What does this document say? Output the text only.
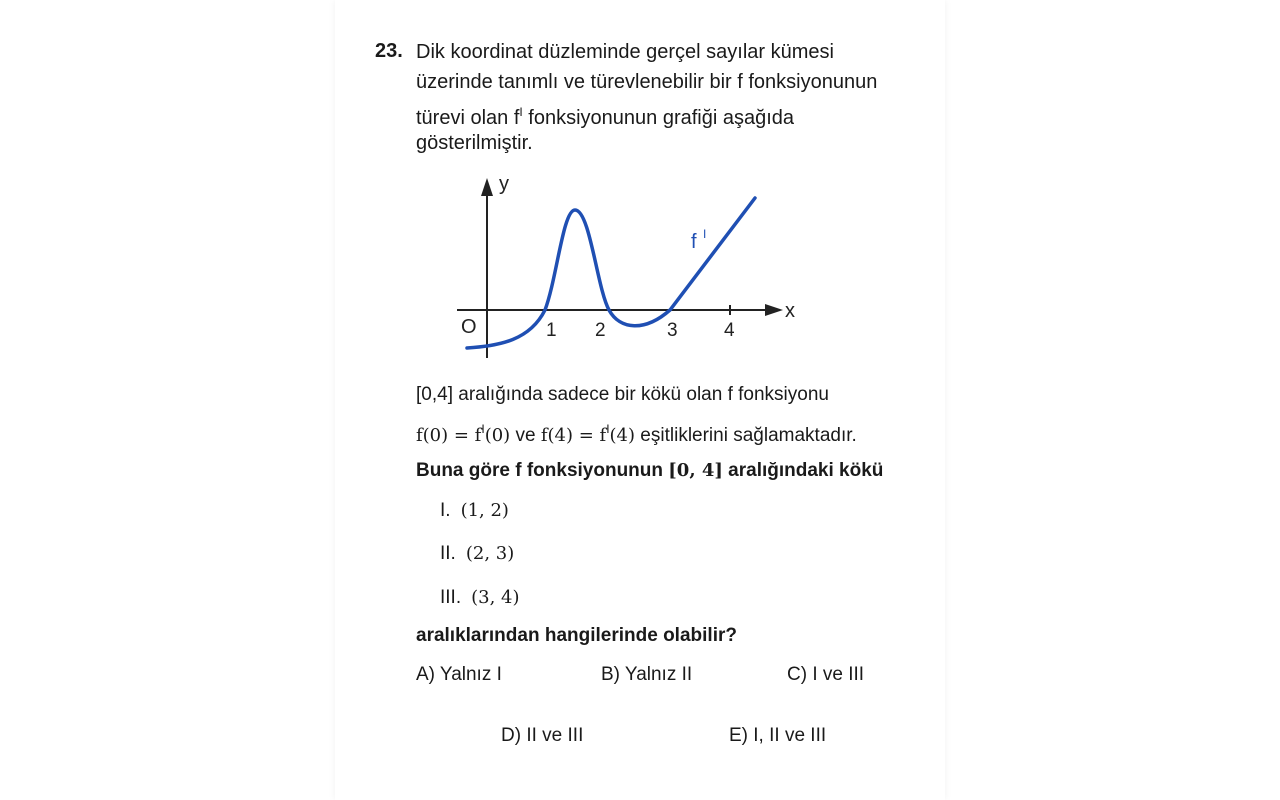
23. Dik koordinat düzleminde gerçel sayılar kümesi
üzerinde tanımlı ve türevlenebilir bir f fonksiyonunun
türevi olan $f^I$ fonksiyonunun grafiği aşağıda
gösterilmiştir.
y
x
O	1 2	3 4
f I
[0,4] aralığında sadece bir kökü olan f fonksiyonu
$f(0) = f^I(0)$ ve $f(4) = f^I(4)$ eşitliklerini sağlamaktadır.
Buna göre f fonksiyonunun [0, 4] aralığındaki kökü
I. (1, 2)
II. (2, 3)
III. (3, 4)
aralıklarından hangilerinde olabilir?
A) Yalnız I	B) Yalnız II	C) I ve III
D) II ve III	E) I, II ve III
